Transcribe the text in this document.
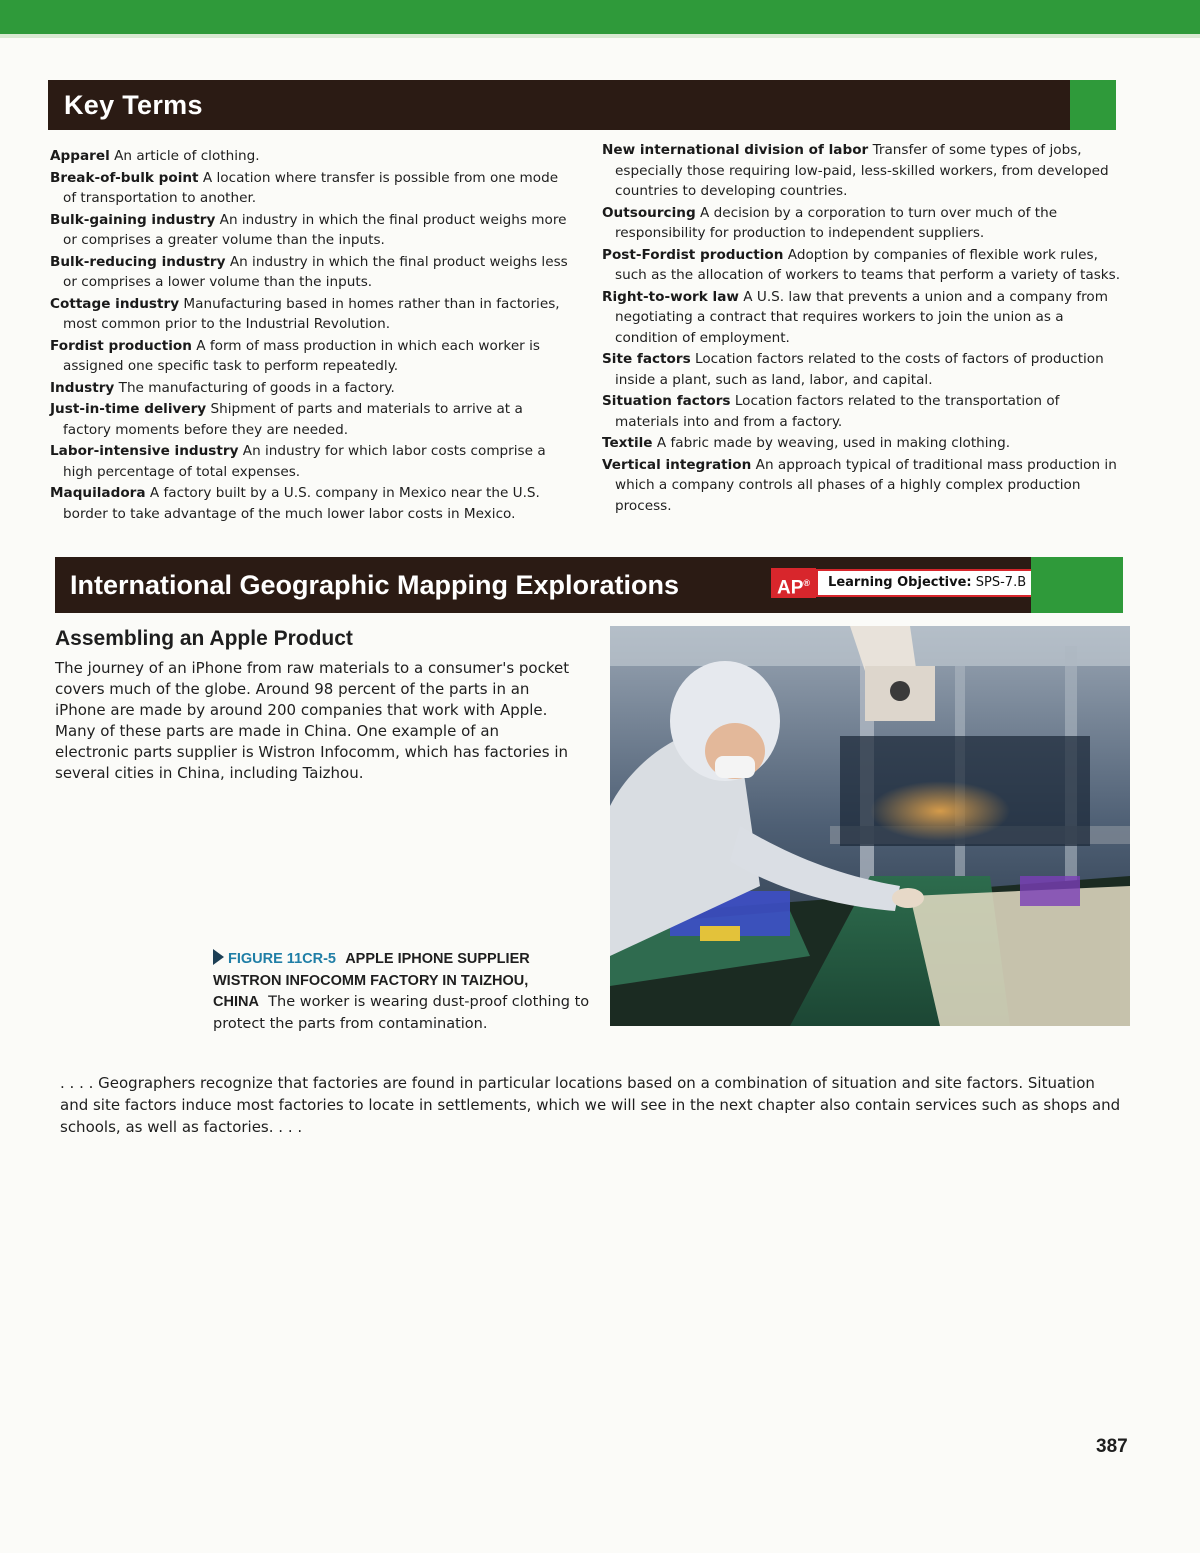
Key Terms

Apparel An article of clothing.

Break-of-bulk point A location where transfer is possible from one mode of transportation to another.

Bulk-gaining industry An industry in which the final product weighs more or comprises a greater volume than the inputs.

Bulk-reducing industry An industry in which the final product weighs less or comprises a lower volume than the inputs.

Cottage industry Manufacturing based in homes rather than in factories, most common prior to the Industrial Revolution.

Fordist production A form of mass production in which each worker is assigned one specific task to perform repeatedly.

Industry The manufacturing of goods in a factory.

Just-in-time delivery Shipment of parts and materials to arrive at a factory moments before they are needed.

Labor-intensive industry An industry for which labor costs comprise a high percentage of total expenses.

Maquiladora A factory built by a U.S. company in Mexico near the U.S. border to take advantage of the much lower labor costs in Mexico.

New international division of labor Transfer of some types of jobs, especially those requiring low-paid, less-skilled workers, from developed countries to developing countries.

Outsourcing A decision by a corporation to turn over much of the responsibility for production to independent suppliers.

Post-Fordist production Adoption by companies of flexible work rules, such as the allocation of workers to teams that perform a variety of tasks.

Right-to-work law A U.S. law that prevents a union and a company from negotiating a contract that requires workers to join the union as a condition of employment.

Site factors Location factors related to the costs of factors of production inside a plant, such as land, labor, and capital.

Situation factors Location factors related to the transportation of materials into and from a factory.

Textile A fabric made by weaving, used in making clothing.

Vertical integration An approach typical of traditional mass production in which a company controls all phases of a highly complex production process.

International Geographic Mapping Explorations	AP®	Learning Objective: SPS-7.B
Assembling an Apple Product

The journey of an iPhone from raw materials to a consumer's pocket covers much of the globe. Around 98 percent of the parts in an iPhone are made by around 200 companies that work with Apple. Many of these parts are made in China. One example of an electronic parts supplier is Wistron Infocomm, which has factories in several cities in China, including Taizhou.

FIGURE 11CR-5 APPLE IPHONE SUPPLIER WISTRON INFOCOMM FACTORY IN TAIZHOU, CHINA The worker is wearing dust-proof clothing to protect the parts from contamination.

. . . . Geographers recognize that factories are found in particular locations based on a combination of situation and site factors. Situation and site factors induce most factories to locate in settlements, which we will see in the next chapter also contain services such as shops and schools, as well as factories. . . .

387
